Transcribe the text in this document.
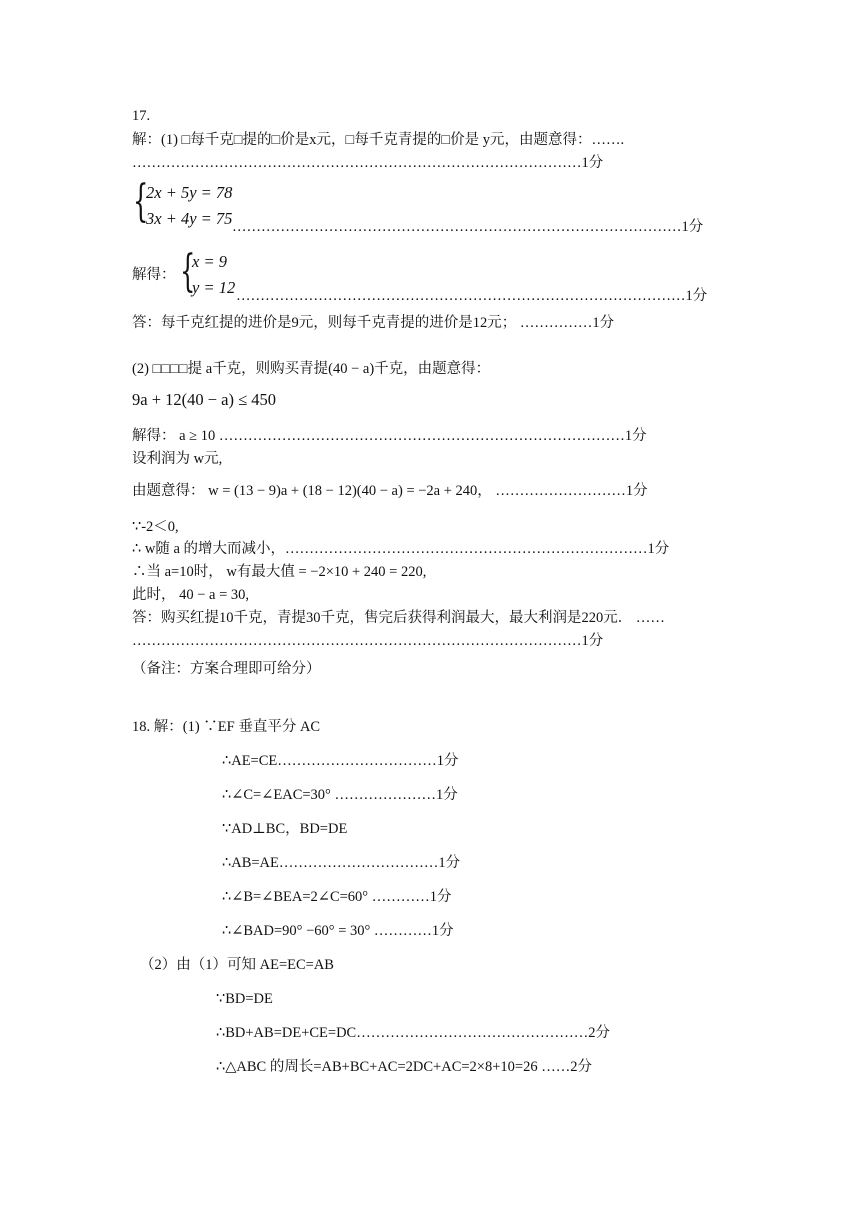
17.
解：(1) □每千克□提的□价是x元，□每千克青提的□价是 y元，由题意得：…….
…………………………………………………………………………………1分
{
2x + 5y = 78
3x + 4y = 75 …………………………………………………………………………………1分
解得： {
x = 9
y = 12 …………………………………………………………………………………1分
答：每千克红提的进价是9元，则每千克青提的进价是12元； ……………1分
(2) □□□□提 a千克，则购买青提(40 − a)千克，由题意得：
9a + 12(40 − a) ≤ 450
解得： a ≥ 10 …………………………………………………………………………1分
设利润为 w元,
由题意得： w = (13 − 9)a + (18 − 12)(40 − a) = −2a + 240， ………………………1分
∵-2＜0,
∴ w随 a 的增大而减小，…………………………………………………………………1分
∴当 a=10时， w有最大值 = −2×10 + 240 = 220,
此时， 40 − a = 30,
答：购买红提10千克，青提30千克，售完后获得利润最大，最大利润是220元． ……
…………………………………………………………………………………1分
（备注：方案合理即可给分）
18. 解：(1) ∵EF 垂直平分 AC
∴AE=CE……………………………1分
∴∠C=∠EAC=30° …………………1分
∵AD⊥BC，BD=DE
∴AB=AE……………………………1分
∴∠B=∠BEA=2∠C=60° …………1分
∴∠BAD=90° −60° = 30° …………1分
（2）由（1）可知 AE=EC=AB
∵BD=DE
∴BD+AB=DE+CE=DC…………………………………………2分
∴△ABC 的周长=AB+BC+AC=2DC+AC=2×8+10=26 ……2分
